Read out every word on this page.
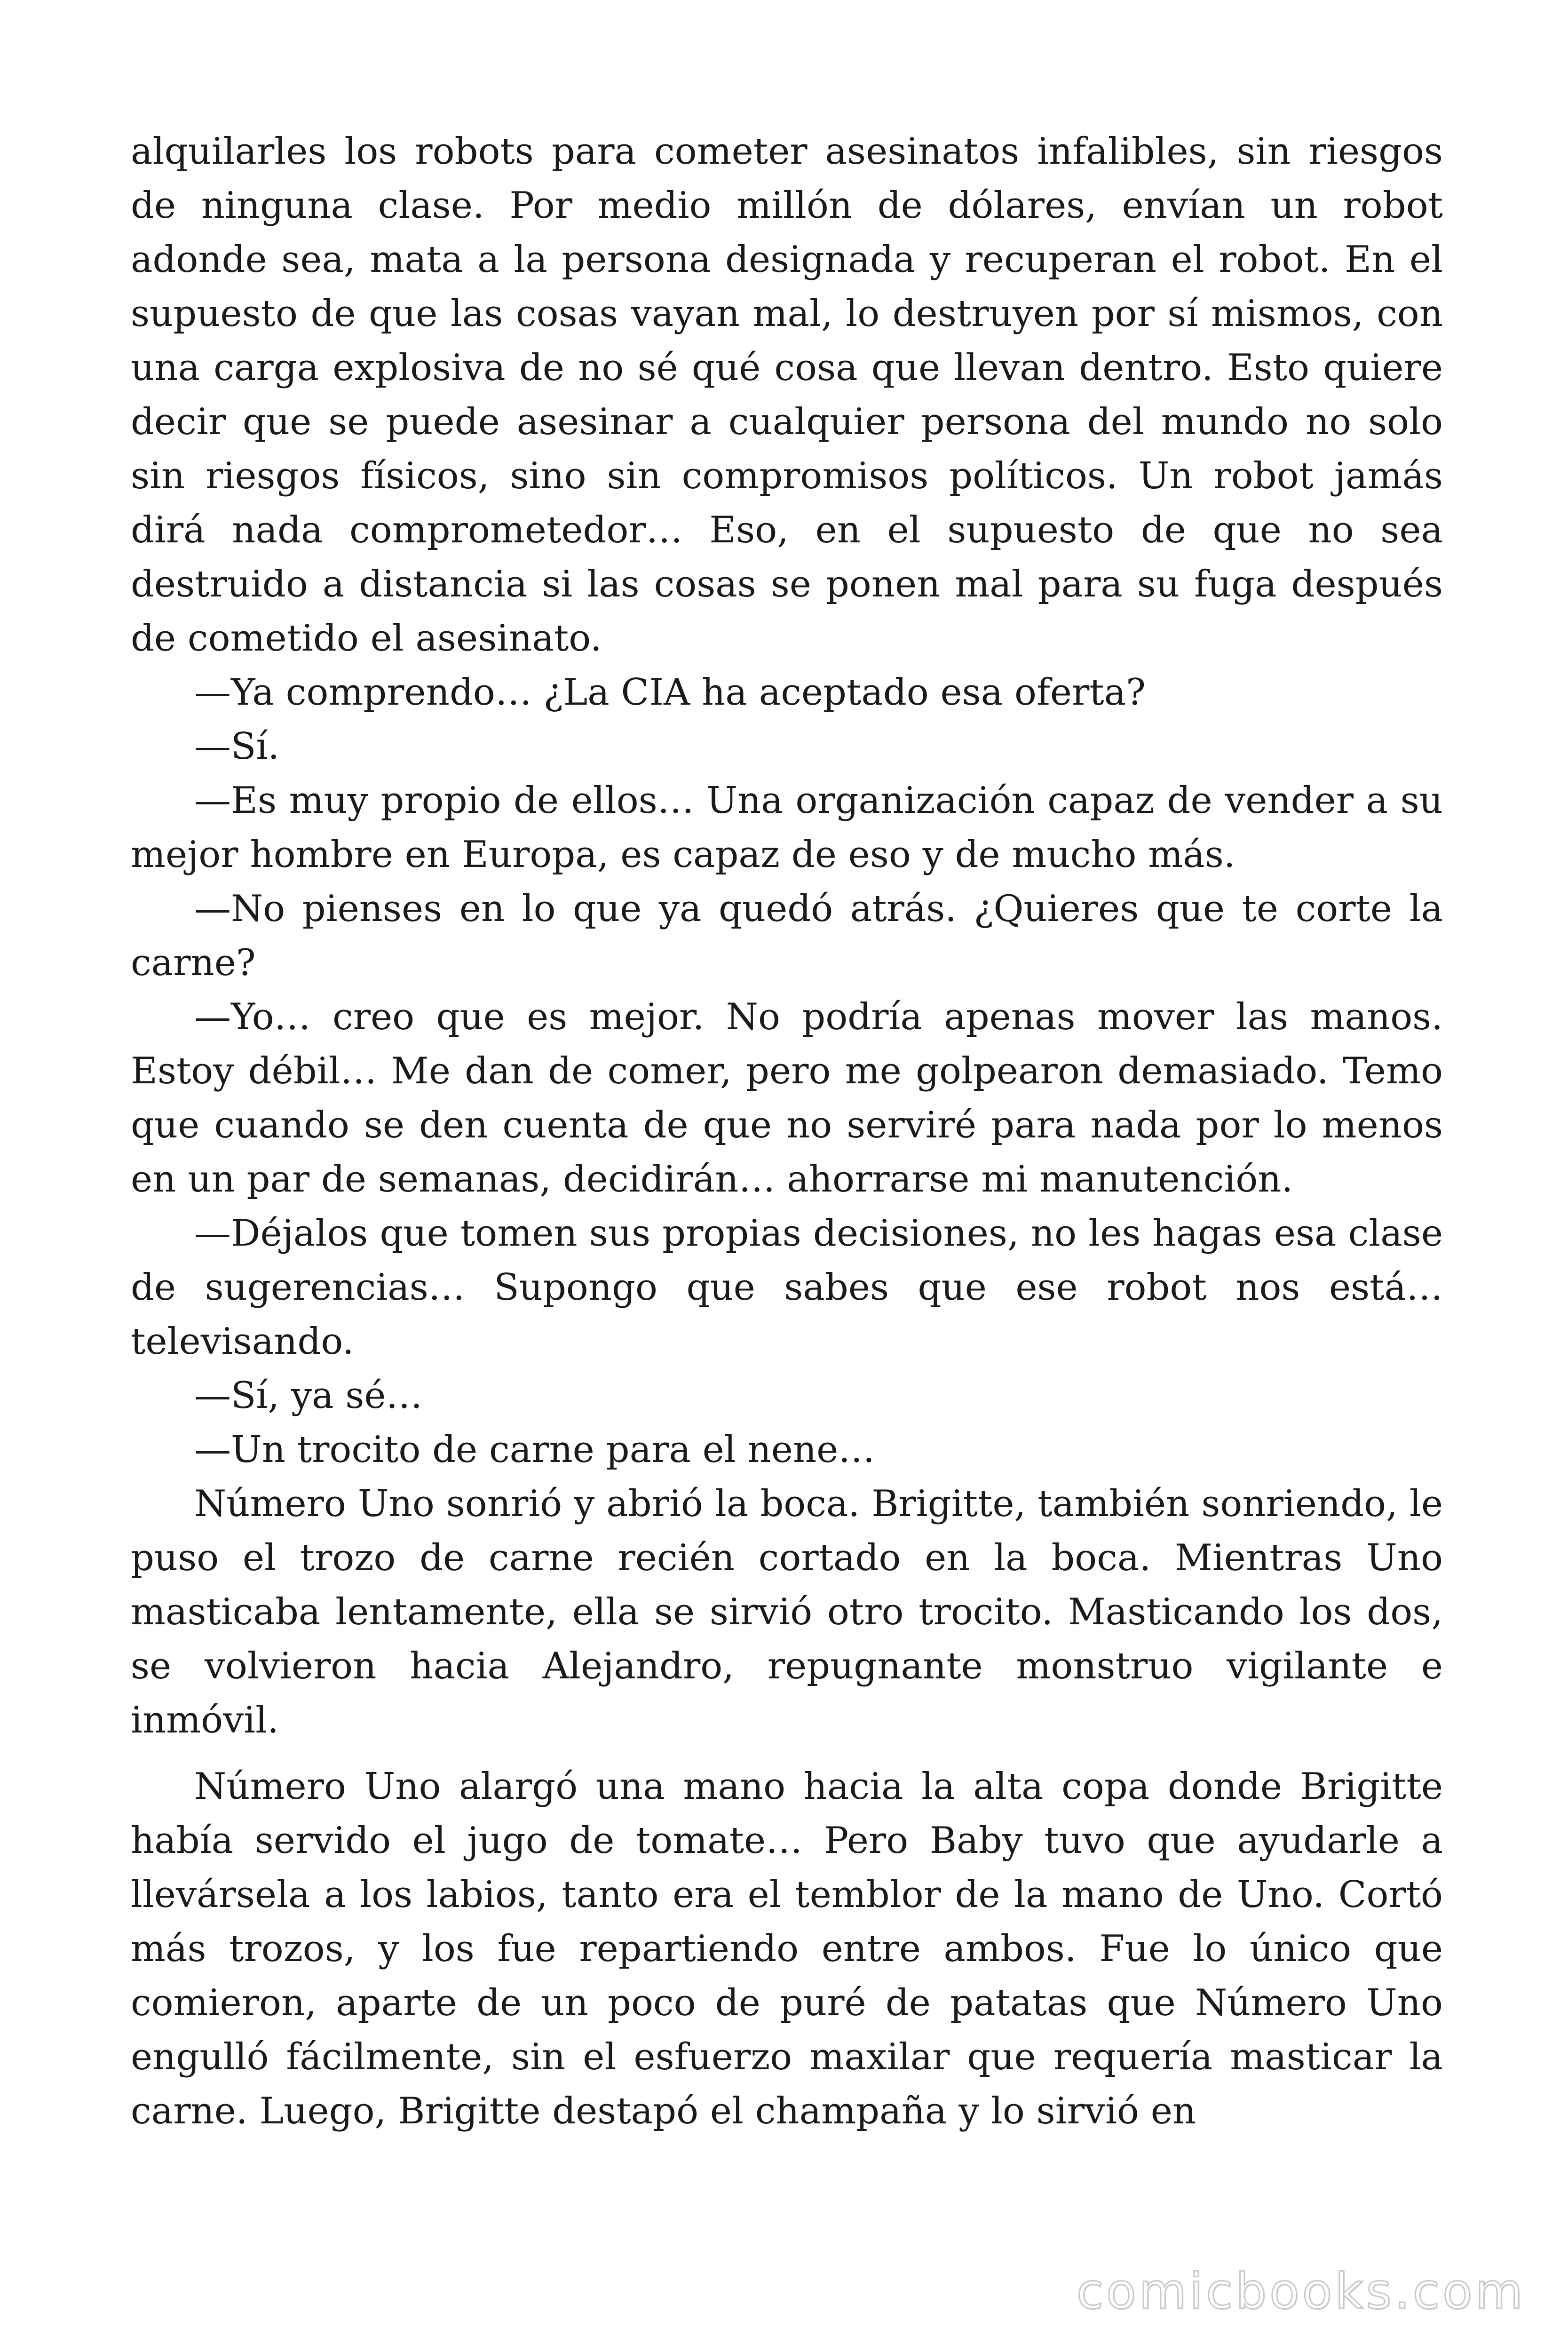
alquilarles los robots para cometer asesinatos infalibles, sin riesgos de ninguna clase. Por medio millón de dólares, envían un robot adonde sea, mata a la persona designada y recuperan el robot. En el supuesto de que las cosas vayan mal, lo destruyen por sí mismos, con una carga explosiva de no sé qué cosa que llevan dentro. Esto quiere decir que se puede asesinar a cualquier persona del mundo no solo sin riesgos físicos, sino sin compromisos políticos. Un robot jamás dirá nada comprometedor… Eso, en el supuesto de que no sea destruido a distancia si las cosas se ponen mal para su fuga después de cometido el asesinato.

—Ya comprendo… ¿La CIA ha aceptado esa oferta?

—Sí.

—Es muy propio de ellos… Una organización capaz de vender a su mejor hombre en Europa, es capaz de eso y de mucho más.

—No pienses en lo que ya quedó atrás. ¿Quieres que te corte la carne?

—Yo… creo que es mejor. No podría apenas mover las manos. Estoy débil… Me dan de comer, pero me golpearon demasiado. Temo que cuando se den cuenta de que no serviré para nada por lo menos en un par de semanas, decidirán… ahorrarse mi manutención.

—Déjalos que tomen sus propias decisiones, no les hagas esa clase de sugerencias… Supongo que sabes que ese robot nos está… televisando.

—Sí, ya sé…

—Un trocito de carne para el nene…

Número Uno sonrió y abrió la boca. Brigitte, también sonriendo, le puso el trozo de carne recién cortado en la boca. Mientras Uno masticaba lentamente, ella se sirvió otro trocito. Masticando los dos, se volvieron hacia Alejandro, repugnante monstruo vigilante e inmóvil.

Número Uno alargó una mano hacia la alta copa donde Brigitte había servido el jugo de tomate… Pero Baby tuvo que ayudarle a llevársela a los labios, tanto era el temblor de la mano de Uno. Cortó más trozos, y los fue repartiendo entre ambos. Fue lo único que comieron, aparte de un poco de puré de patatas que Número Uno engulló fácilmente, sin el esfuerzo maxilar que requería masticar la carne. Luego, Brigitte destapó el champaña y lo sirvió en

comicbooks.com
